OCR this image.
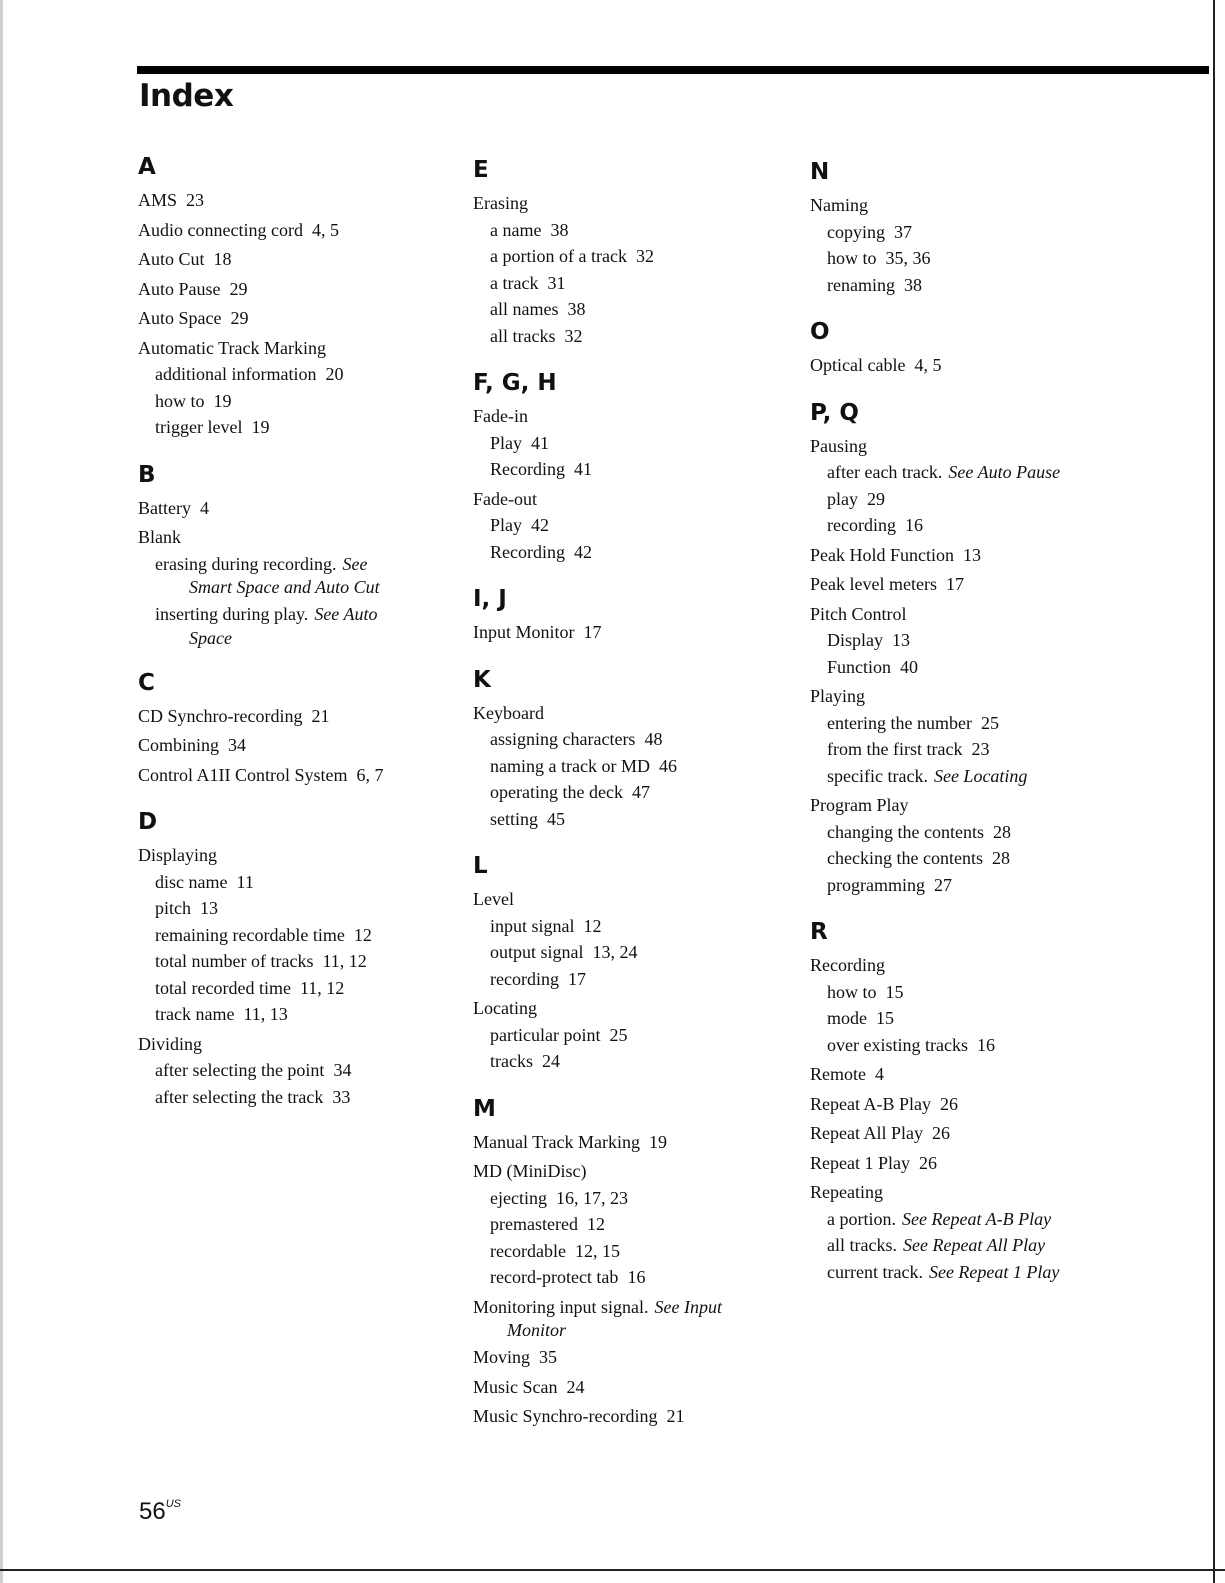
Index
A
AMS 23
Audio connecting cord 4, 5
Auto Cut 18
Auto Pause 29
Auto Space 29
Automatic Track Marking
additional information 20
how to 19
trigger level 19
B
Battery 4
Blank
erasing during recording. See
Smart Space and Auto Cut
inserting during play. See Auto
Space
C
CD Synchro-recording 21
Combining 34
Control A1II Control System 6, 7
D
Displaying
disc name 11
pitch 13
remaining recordable time 12
total number of tracks 11, 12
total recorded time 11, 12
track name 11, 13
Dividing
after selecting the point 34
after selecting the track 33
E
Erasing
a name 38
a portion of a track 32
a track 31
all names 38
all tracks 32
F, G, H
Fade-in
Play 41
Recording 41
Fade-out
Play 42
Recording 42
I, J
Input Monitor 17
K
Keyboard
assigning characters 48
naming a track or MD 46
operating the deck 47
setting 45
L
Level
input signal 12
output signal 13, 24
recording 17
Locating
particular point 25
tracks 24
M
Manual Track Marking 19
MD (MiniDisc)
ejecting 16, 17, 23
premastered 12
recordable 12, 15
record-protect tab 16
Monitoring input signal. See Input
Monitor
Moving 35
Music Scan 24
Music Synchro-recording 21
N
Naming
copying 37
how to 35, 36
renaming 38
O
Optical cable 4, 5
P, Q
Pausing
after each track. See Auto Pause
play 29
recording 16
Peak Hold Function 13
Peak level meters 17
Pitch Control
Display 13
Function 40
Playing
entering the number 25
from the first track 23
specific track. See Locating
Program Play
changing the contents 28
checking the contents 28
programming 27
R
Recording
how to 15
mode 15
over existing tracks 16
Remote 4
Repeat A-B Play 26
Repeat All Play 26
Repeat 1 Play 26
Repeating
a portion. See Repeat A-B Play
all tracks. See Repeat All Play
current track. See Repeat 1 Play
$56^{US}$
